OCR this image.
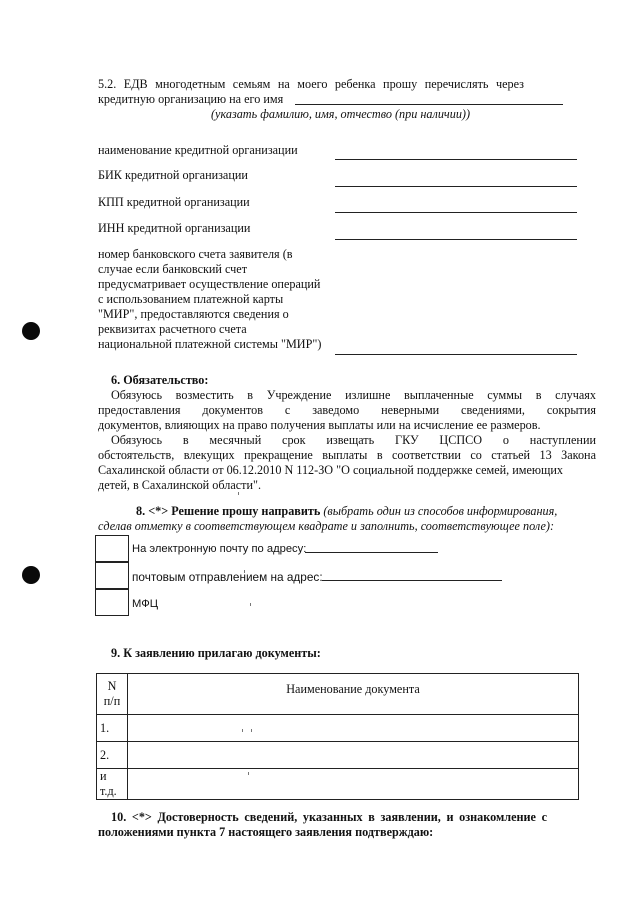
5.2. ЕДВ многодетным семьям на моего ребенка прошу перечислять через
кредитную организацию на его имя
(указать фамилию, имя, отчество (при наличии))
наименование кредитной организации
БИК кредитной организации
КПП кредитной организации
ИНН кредитной организации
номер банковского счета заявителя (в
случае если банковский счет
предусматривает осуществление операций
с использованием платежной карты
"МИР", предоставляются сведения о
реквизитах расчетного счета
национальной платежной системы "МИР")
6. Обязательство:
Обязуюсь возместить в Учреждение излишне выплаченные суммы в случаях
предоставления документов с заведомо неверными сведениями, сокрытия
документов, влияющих на право получения выплаты или на исчисление ее размеров.
Обязуюсь в месячный срок извещать ГКУ ЦСПСО о наступлении
обстоятельств, влекущих прекращение выплаты в соответствии со статьей 13 Закона
Сахалинской области от 06.12.2010 N 112-ЗО "О социальной поддержке семей, имеющих
детей, в Сахалинской области".
8. <*> Решение прошу направить (выбрать один из способов информирования,
сделав отметку в соответствующем квадрате и заполнить, соответствующее поле):
На электронную почту по адресу:
почтовым отправлением на адрес:
МФЦ
9. К заявлению прилагаю документы:
N
п/п	Наименование документа
1.	
2.	
и т.д.	
10. <*> Достоверность сведений, указанных в заявлении, и ознакомление с
положениями пункта 7 настоящего заявления подтверждаю:
